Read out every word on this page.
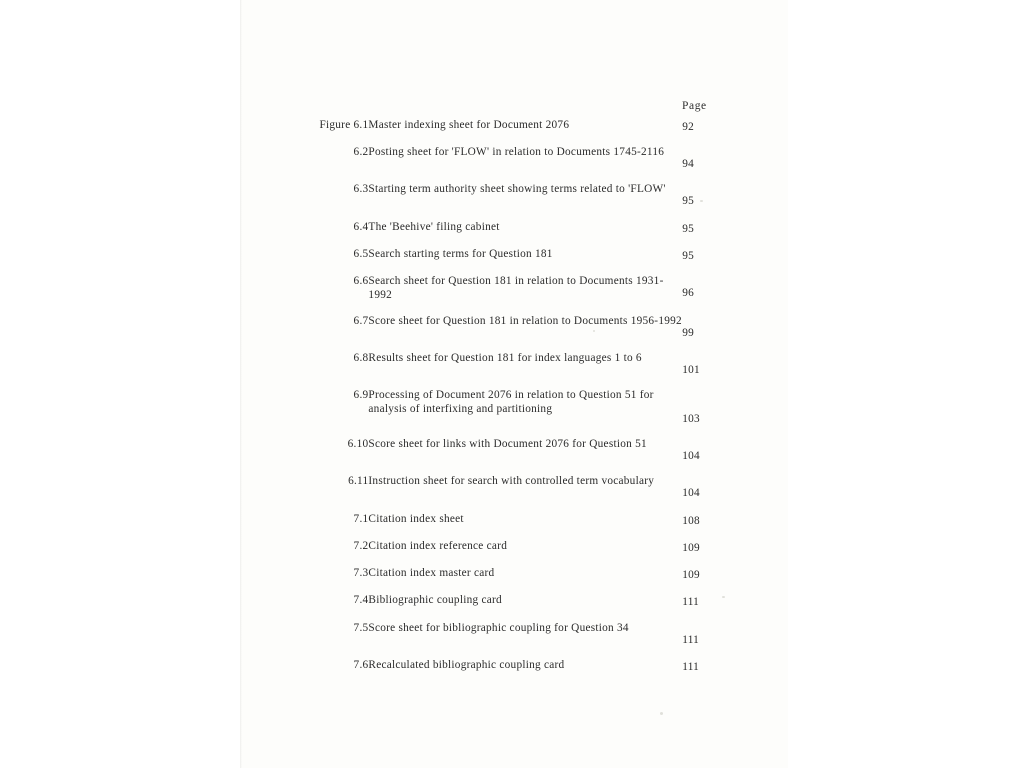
Page
Figure 6.1	Master indexing sheet for Document 2076	92

6.2	Posting sheet for 'FLOW' in relation to Documents 1745-2116	94

6.3	Starting term authority sheet showing terms related to 'FLOW'	95

6.4	The 'Beehive' filing cabinet	95

6.5	Search starting terms for Question 181	95

6.6	Search sheet for Question 181 in relation to Documents 1931-1992	96

6.7	Score sheet for Question 181 in relation to Documents 1956-1992	99

6.8	Results sheet for Question 181 for index languages 1 to 6	101

6.9	Processing of Document 2076 in relation to Question 51 for analysis of interfixing and partitioning	103

6.10	Score sheet for links with Document 2076 for Question 51	104

6.11	Instruction sheet for search with controlled term vocabulary	104

7.1	Citation index sheet	108

7.2	Citation index reference card	109

7.3	Citation index master card	109

7.4	Bibliographic coupling card	111

7.5	Score sheet for bibliographic coupling for Question 34	111

7.6	Recalculated bibliographic coupling card	111
